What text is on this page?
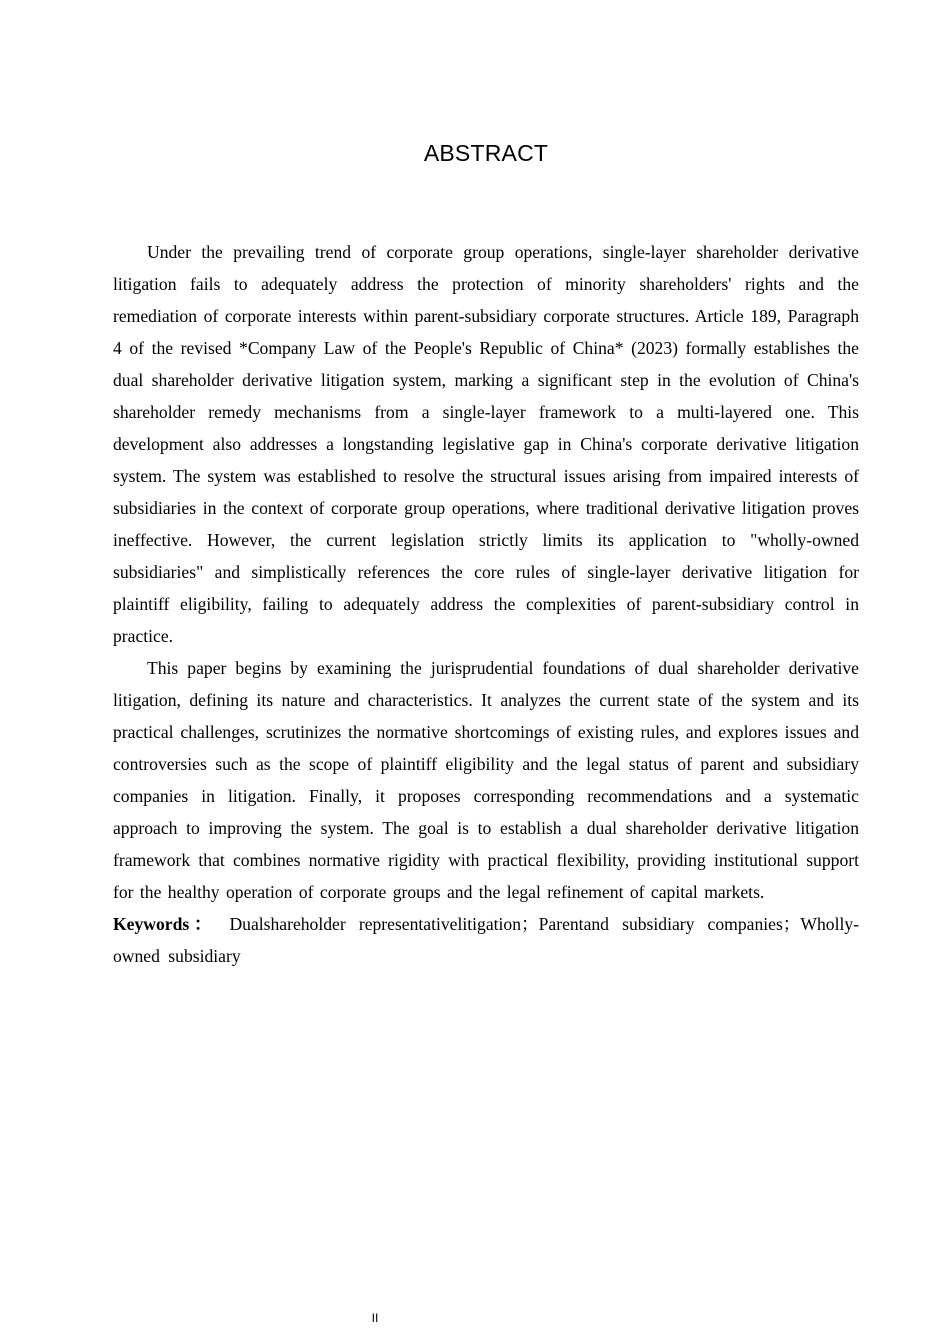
ABSTRACT

Under the prevailing trend of corporate group operations, single-layer shareholder derivative litigation fails to adequately address the protection of minority shareholders' rights and the remediation of corporate interests within parent-subsidiary corporate structures. Article 189, Paragraph 4 of the revised *Company Law of the People's Republic of China* (2023) formally establishes the dual shareholder derivative litigation system, marking a significant step in the evolution of China's shareholder remedy mechanisms from a single-layer framework to a multi-layered one. This development also addresses a longstanding legislative gap in China's corporate derivative litigation system. The system was established to resolve the structural issues arising from impaired interests of subsidiaries in the context of corporate group operations, where traditional derivative litigation proves ineffective. However, the current legislation strictly limits its application to "wholly-owned subsidiaries" and simplistically references the core rules of single-layer derivative litigation for plaintiff eligibility, failing to adequately address the complexities of parent-subsidiary control in practice.

This paper begins by examining the jurisprudential foundations of dual shareholder derivative litigation, defining its nature and characteristics. It analyzes the current state of the system and its practical challenges, scrutinizes the normative shortcomings of existing rules, and explores issues and controversies such as the scope of plaintiff eligibility and the legal status of parent and subsidiary companies in litigation. Finally, it proposes corresponding recommendations and a systematic approach to improving the system. The goal is to establish a dual shareholder derivative litigation framework that combines normative rigidity with practical flexibility, providing institutional support for the healthy operation of corporate groups and the legal refinement of capital markets.

Keywords： Dualshareholder representativelitigation；Parentand subsidiary companies；Wholly-owned subsidiary

II
